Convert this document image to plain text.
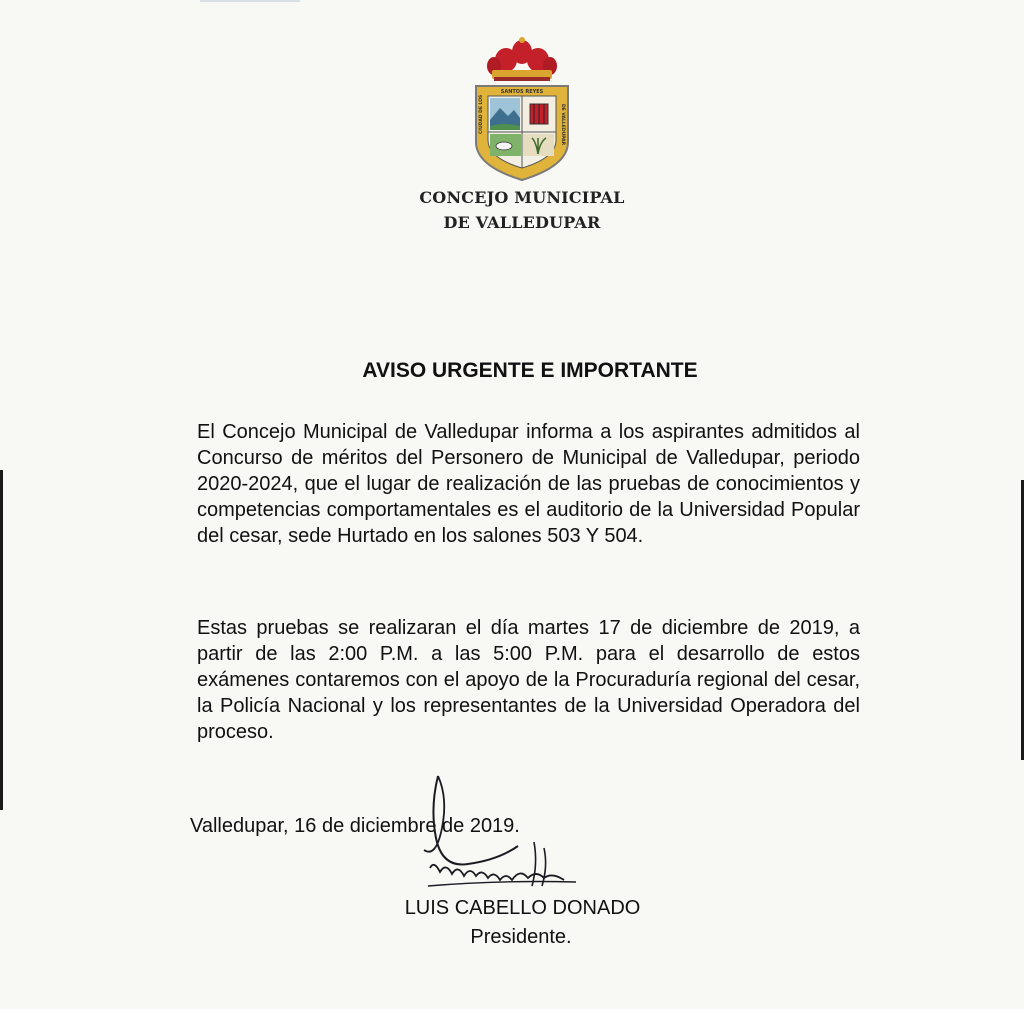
SANTOS REYES
CIUDAD DE LOS	DE VALLEDUPAR
CONCEJO MUNICIPAL
DE VALLEDUPAR
AVISO URGENTE E IMPORTANTE

El Concejo Municipal de Valledupar informa a los aspirantes admitidos al Concurso de méritos del Personero de Municipal de Valledupar, periodo 2020-2024, que el lugar de realización de las pruebas de conocimientos y competencias comportamentales es el auditorio de la Universidad Popular del cesar, sede Hurtado en los salones 503 Y 504.

Estas pruebas se realizaran el día martes 17 de diciembre de 2019, a partir de las 2:00 P.M. a las 5:00 P.M. para el desarrollo de estos exámenes contaremos con el apoyo de la Procuraduría regional del cesar, la Policía Nacional y los representantes de la Universidad Operadora del proceso.

Valledupar, 16 de diciembre de 2019.
LUIS CABELLO DONADO
Presidente.
